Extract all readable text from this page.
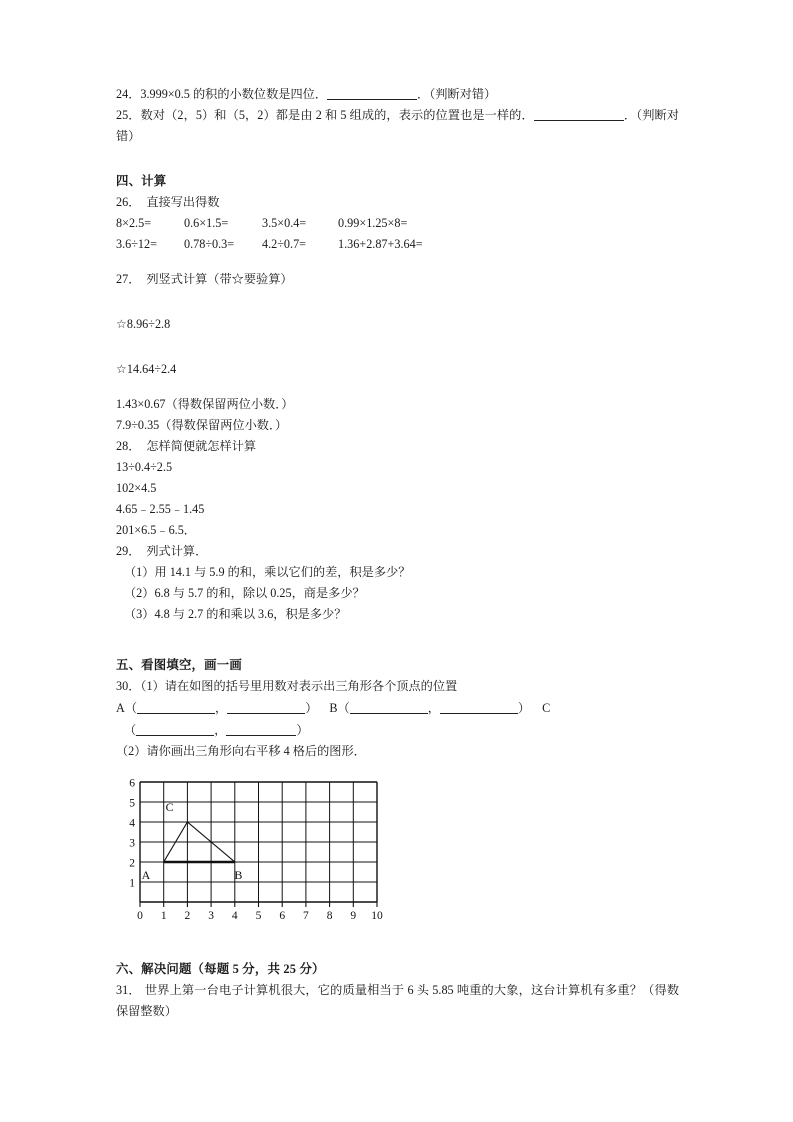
24．3.999×0.5 的积的小数位数是四位．	．（判断对错）
25．数对（2，5）和（5，2）都是由 2 和 5 组成的，表示的位置也是一样的．	．（判断对错）
四、计算
26． 直接写出得数
8×2.5=	0.6×1.5=	3.5×0.4=	0.99×1.25×8=
3.6÷12= 0.78÷0.3= 4.2÷0.7=	1.36+2.87+3.64=
27． 列竖式计算（带☆要验算）
☆8.96÷2.8
☆14.64÷2.4
1.43×0.67（得数保留两位小数．）
7.9÷0.35（得数保留两位小数．）
28． 怎样简便就怎样计算
13÷0.4÷2.5
102×4.5
4.65﹣2.55﹣1.45
201×6.5﹣6.5．
29． 列式计算．
（1）用 14.1 与 5.9 的和，乘以它们的差，积是多少？
（2）6.8 与 5.7 的和，除以 0.25，商是多少？
（3）4.8 与 2.7 的和乘以 3.6，积是多少？
五、看图填空，画一画
30．（1）请在如图的括号里用数对表示出三角形各个顶点的位置
A（	，	） B（	，	） C
（	，	）
（2）请你画出三角形向右平移 4 格后的图形．
0 1 2 3 4 5 6 7 8 9 10
1
2
3
4
5
6
A	B
C
六、解决问题（每题 5 分，共 25 分）
31． 世界上第一台电子计算机很大，它的质量相当于 6 头 5.85 吨重的大象，这台计算机有多重？（得数保留整数）
